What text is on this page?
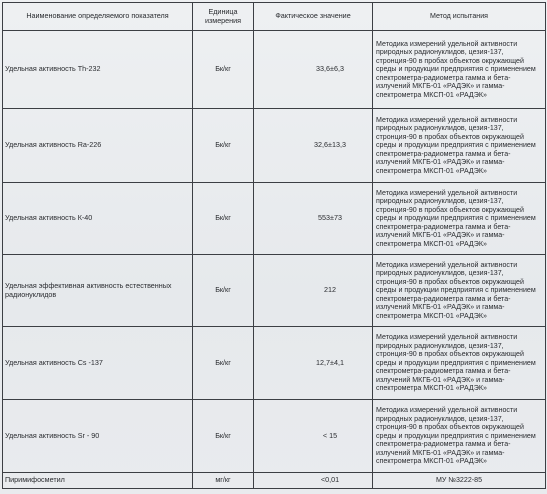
Наименование определяемого показателя	Единица измерения	Фактическое значение	Метод испытания
Удельная активность Th-232	Бк/кг	33,6±6,3	Методика измерений удельной активности природных радионуклидов, цезия-137, стронция-90 в пробах объектов окружающей среды и продукции предприятия с применением спектрометра-радиометра гамма и бета-излучений МКГБ-01 «РАДЭК» и гамма-спектрометра МКСП-01 «РАДЭК»
Удельная активность Ra-226	Бк/кг	32,6±13,3	Методика измерений удельной активности природных радионуклидов, цезия-137, стронция-90 в пробах объектов окружающей среды и продукции предприятия с применением спектрометра-радиометра гамма и бета-излучений МКГБ-01 «РАДЭК» и гамма-спектрометра МКСП-01 «РАДЭК»
Удельная активность К-40	Бк/кг	553±73	Методика измерений удельной активности природных радионуклидов, цезия-137, стронция-90 в пробах объектов окружающей среды и продукции предприятия с применением спектрометра-радиометра гамма и бета-излучений МКГБ-01 «РАДЭК» и гамма-спектрометра МКСП-01 «РАДЭК»
Удельная эффективная активность естественных радионуклидов	Бк/кг	212	Методика измерений удельной активности природных радионуклидов, цезия-137, стронция-90 в пробах объектов окружающей среды и продукции предприятия с применением спектрометра-радиометра гамма и бета-излучений МКГБ-01 «РАДЭК» и гамма-спектрометра МКСП-01 «РАДЭК»
Удельная активность Cs -137	Бк/кг	12,7±4,1	Методика измерений удельной активности природных радионуклидов, цезия-137, стронция-90 в пробах объектов окружающей среды и продукции предприятия с применением спектрометра-радиометра гамма и бета-излучений МКГБ-01 «РАДЭК» и гамма-спектрометра МКСП-01 «РАДЭК»
Удельная активность Sr - 90	Бк/кг	< 15	Методика измерений удельной активности природных радионуклидов, цезия-137, стронция-90 в пробах объектов окружающей среды и продукции предприятия с применением спектрометра-радиометра гамма и бета-излучений МКГБ-01 «РАДЭК» и гамма-спектрометра МКСП-01 «РАДЭК»
Пиримифосметил	мг/кг	<0,01	МУ №3222-85
